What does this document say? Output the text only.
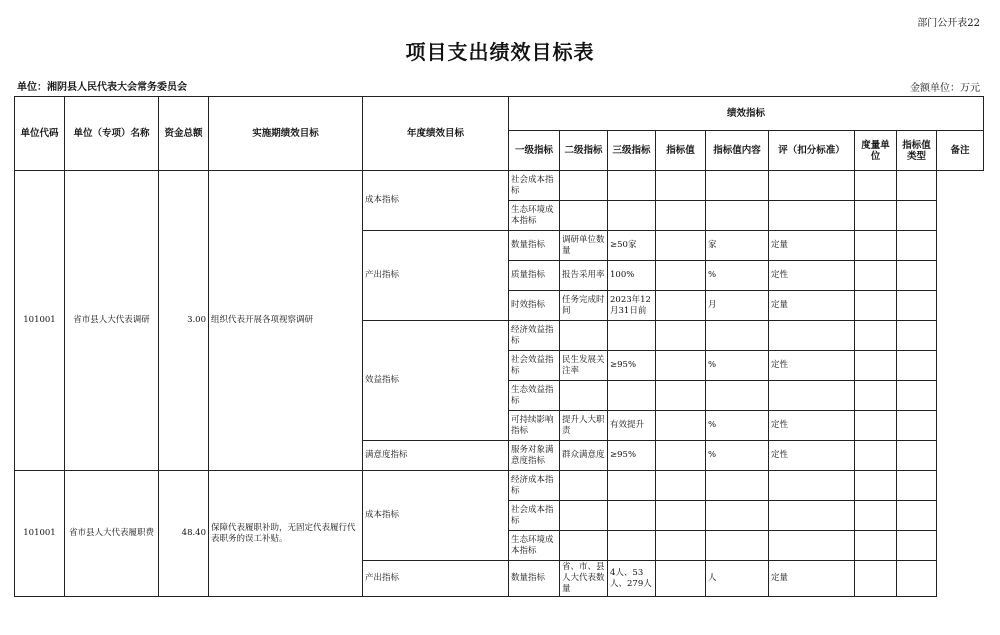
部门公开表22
项目支出绩效目标表
单位：湘阴县人民代表大会常务委员会	金额单位：万元
单位代码	单位（专项）名称	资金总额	实施期绩效目标	年度绩效目标	绩效指标								
					一级指标	二级指标	三级指标	指标值	指标值内容	评（扣分标准）	度量单位	指标值类型	备注
101001	省市县人大代表调研	3.00	组织代表开展各项视察调研	成本指标	社会成本指标								
					生态环境成本指标								
				产出指标	数量指标	调研单位数量	≥50家		家	定量			
					质量指标	报告采用率	100%		%	定性			
					时效指标	任务完成时间	2023年12月31日前		月	定量			
				效益指标	经济效益指标								
					社会效益指标	民生发展关注率	≥95%		%	定性			
					生态效益指标								
					可持续影响指标	提升人大职责	有效提升		%	定性			
				满意度指标	服务对象满意度指标	群众满意度	≥95%		%	定性			
101001	省市县人大代表履职费	48.40	保障代表履职补助，无固定代表履行代表职务的误工补贴。	成本指标	经济成本指标								
					社会成本指标								
					生态环境成本指标								
				产出指标	数量指标	省、市、县人大代表数量	4人、53人、279人		人	定量			
